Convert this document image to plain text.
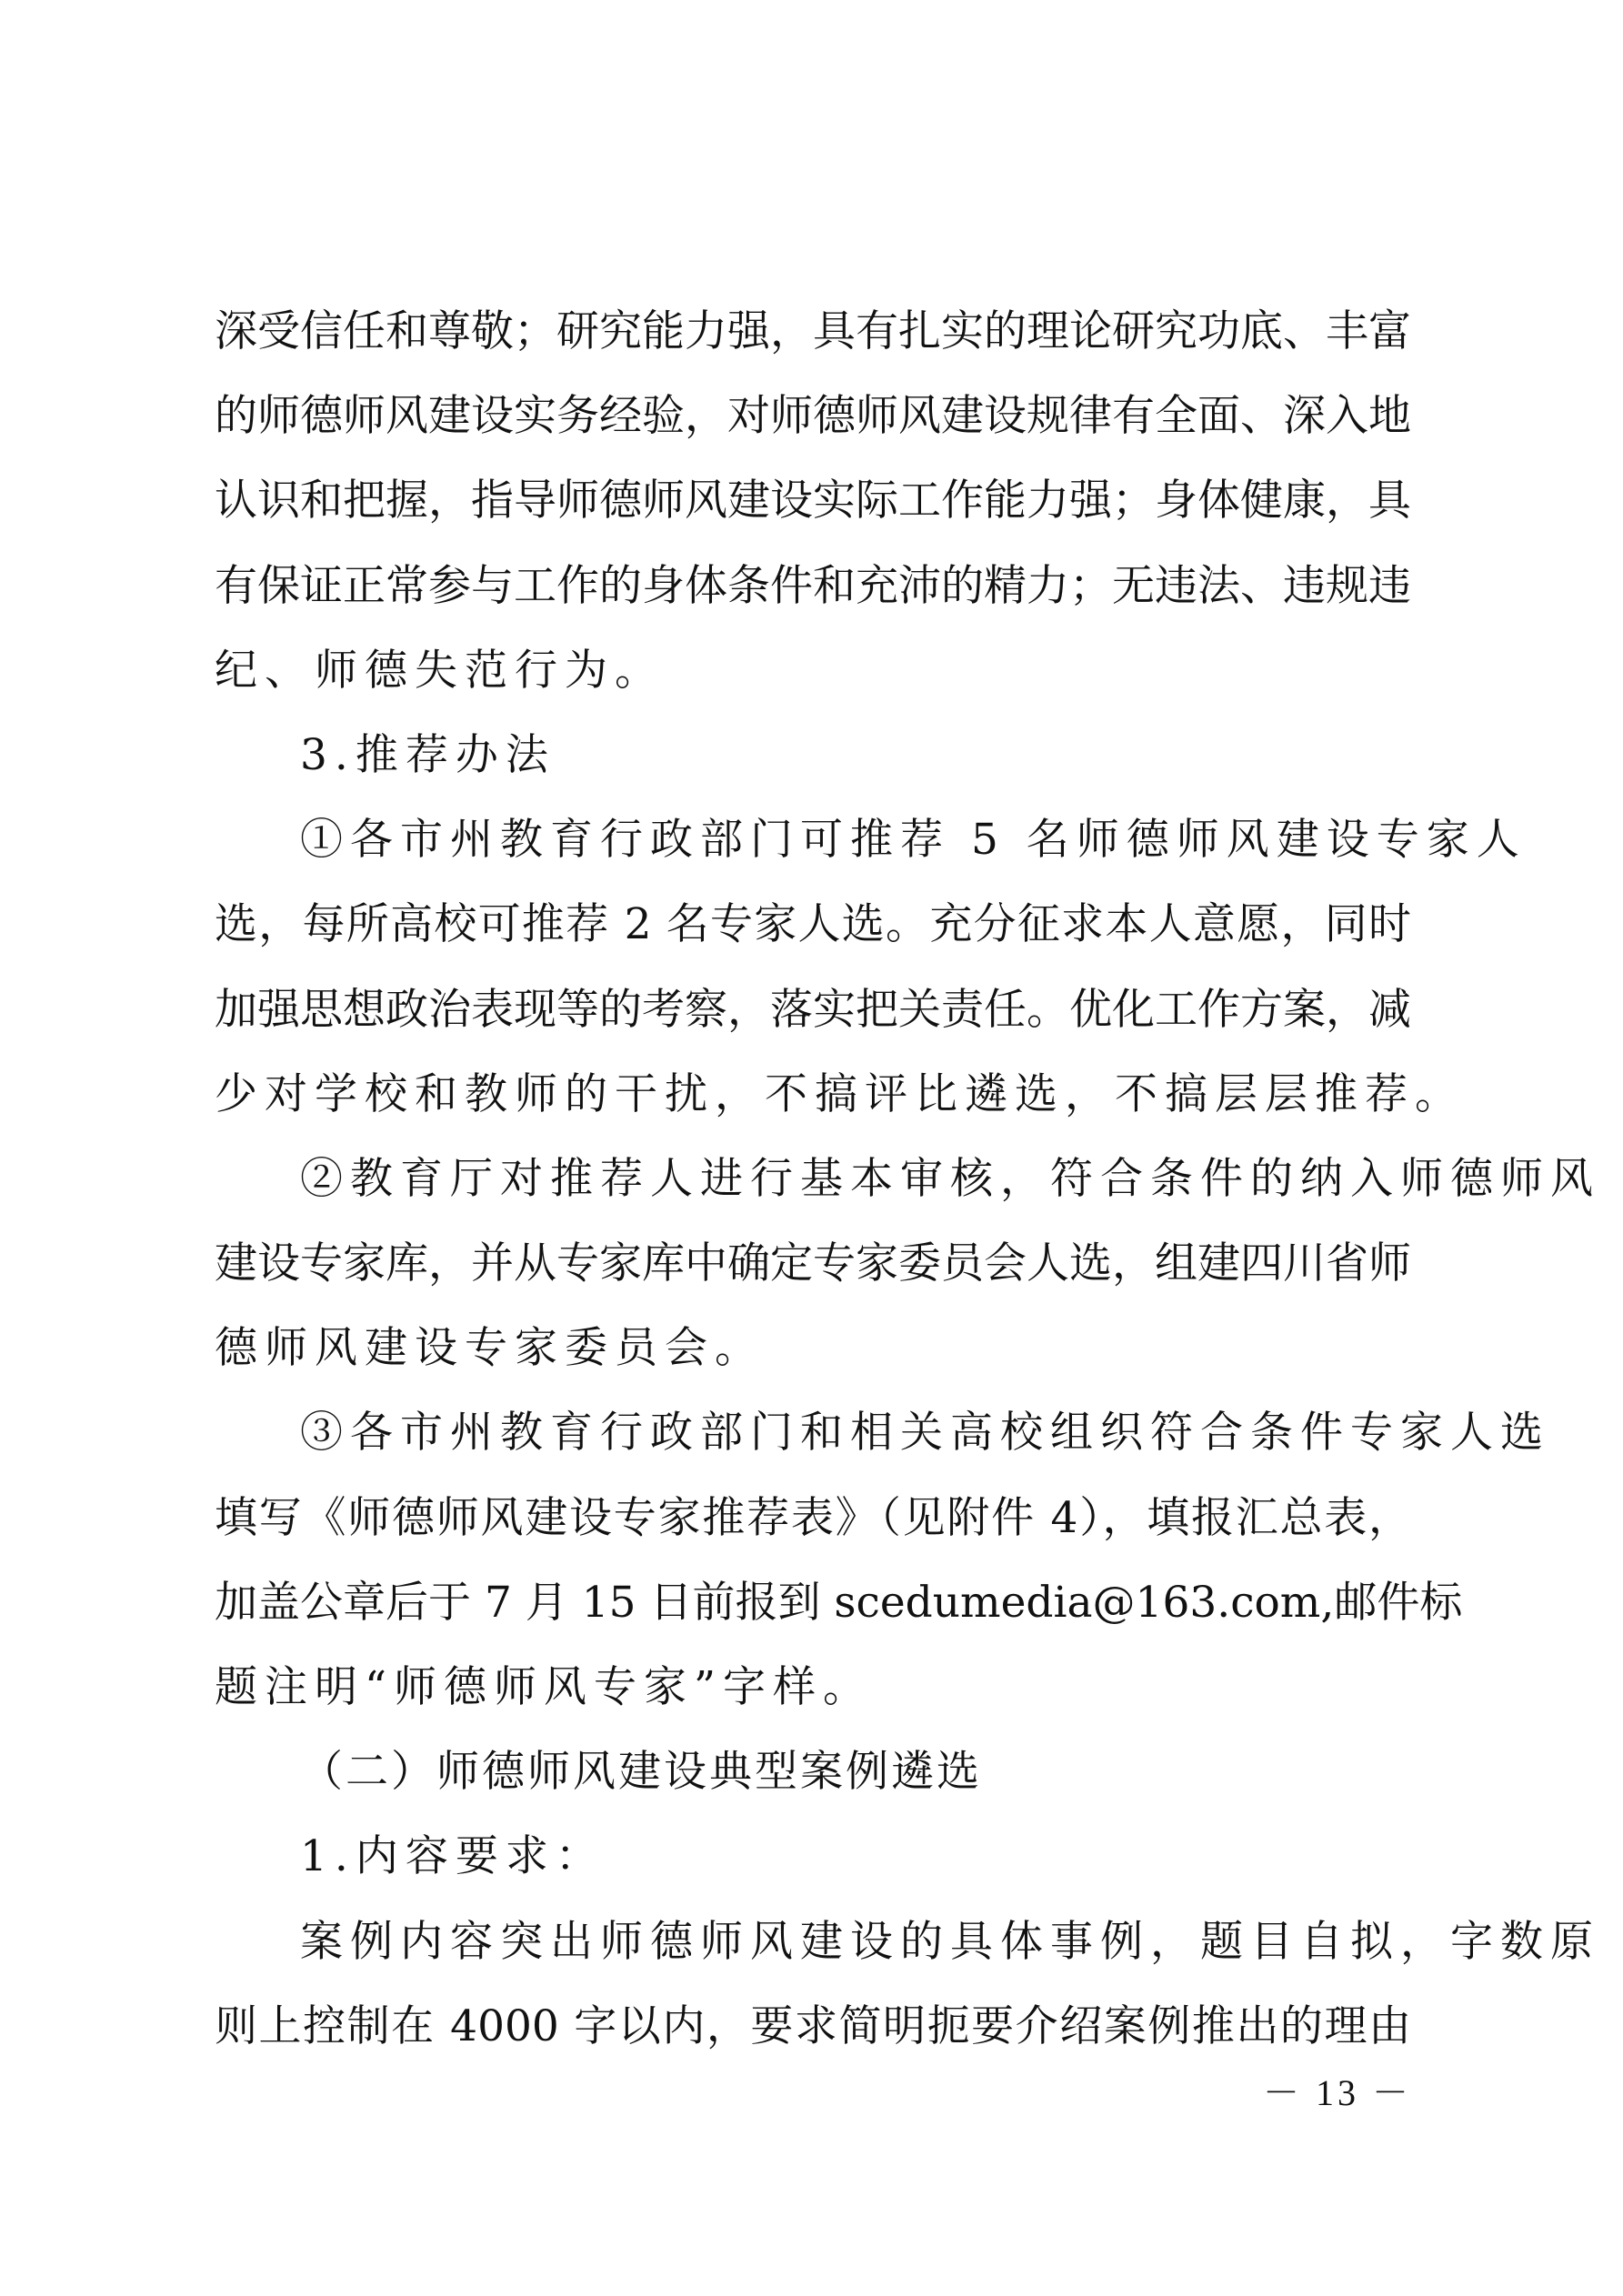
深受信任和尊敬；研究能力强，具有扎实的理论研究功底、丰富
的师德师风建设实务经验，对师德师风建设规律有全面、深入地
认识和把握，指导师德师风建设实际工作能力强；身体健康，具
有保证正常参与工作的身体条件和充沛的精力；无违法、违规违
纪、师德失范行为。
3.推荐办法
①各市州教育行政部门可推荐 5 名师德师风建设专家人
选，每所高校可推荐 2 名专家人选。充分征求本人意愿，同时
加强思想政治表现等的考察，落实把关责任。优化工作方案，减
少对学校和教师的干扰，不搞评比遴选，不搞层层推荐。
②教育厅对推荐人进行基本审核，符合条件的纳入师德师风
建设专家库，并从专家库中确定专家委员会人选，组建四川省师
德师风建设专家委员会。
③各市州教育行政部门和相关高校组织符合条件专家人选
填写《师德师风建设专家推荐表》（见附件 4），填报汇总表，
加盖公章后于 7 月 15 日前报到 scedumedia@163.com,邮件标
题注明“师德师风专家”字样。
（二）师德师风建设典型案例遴选
1.内容要求：
案例内容突出师德师风建设的具体事例，题目自拟，字数原
则上控制在 4000 字以内，要求简明扼要介绍案例推出的理由
－ 13 －
